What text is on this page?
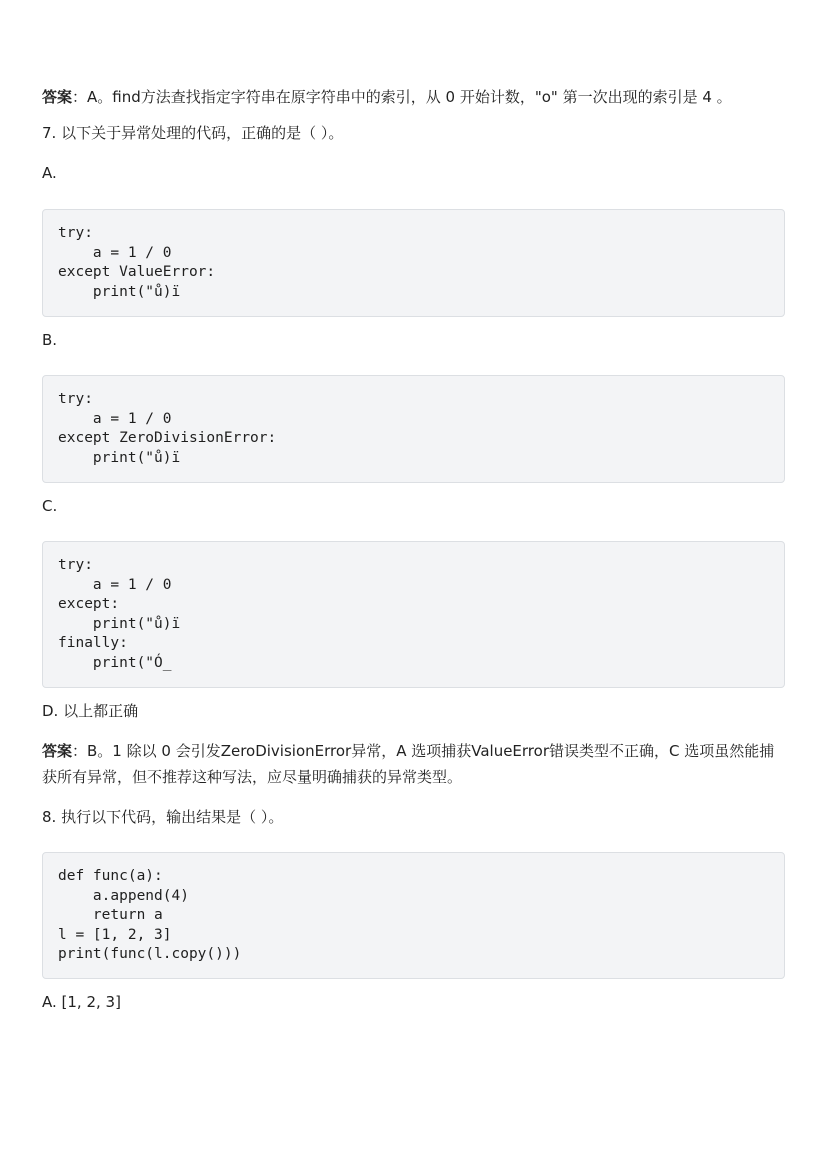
答案：A。find方法查找指定字符串在原字符串中的索引，从 0 开始计数，"o" 第一次出现的索引是 4 。

7. 以下关于异常处理的代码，正确的是（ ）。

A.

try:
a = 1 / 0
except ValueError:
print("ů)ï

B.

try:
a = 1 / 0
except ZeroDivisionError:
print("ů)ï

C.

try:
a = 1 / 0
except:
print("ů)ï
finally:
print("Ó_

D. 以上都正确

答案：B。1 除以 0 会引发ZeroDivisionError异常，A 选项捕获ValueError错误类型不正确，C 选项虽然能捕获所有异常，但不推荐这种写法，应尽量明确捕获的异常类型。

8. 执行以下代码，输出结果是（ ）。

def func(a):
a.append(4)
return a
l = [1, 2, 3]
print(func(l.copy()))

A. [1, 2, 3]
